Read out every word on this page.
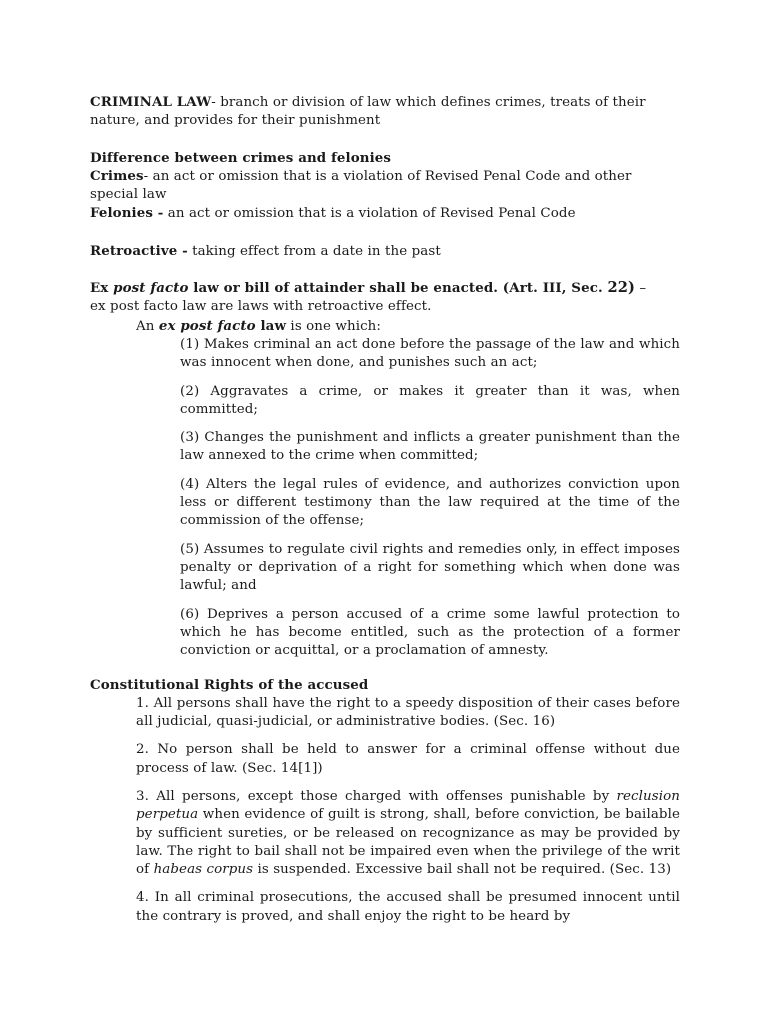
CRIMINAL LAW- branch or division of law which defines crimes, treats of their nature, and provides for their punishment

Difference between crimes and felonies

Crimes- an act or omission that is a violation of Revised Penal Code and other special law

Felonies - an act or omission that is a violation of Revised Penal Code

Retroactive - taking effect from a date in the past

Ex post facto law or bill of attainder shall be enacted. (Art. III, Sec. 22) –

ex post facto law are laws with retroactive effect.

An ex post facto law is one which:

(1) Makes criminal an act done before the passage of the law and which was innocent when done, and punishes such an act;

(2) Aggravates a crime, or makes it greater than it was, when committed;

(3) Changes the punishment and inflicts a greater punishment than the law annexed to the crime when committed;

(4) Alters the legal rules of evidence, and authorizes conviction upon less or different testimony than the law required at the time of the commission of the offense;

(5) Assumes to regulate civil rights and remedies only, in effect imposes penalty or deprivation of a right for something which when done was lawful; and

(6) Deprives a person accused of a crime some lawful protection to which he has become entitled, such as the protection of a former conviction or acquittal, or a proclamation of amnesty.

Constitutional Rights of the accused

1. All persons shall have the right to a speedy disposition of their cases before all judicial, quasi-judicial, or administrative bodies. (Sec. 16)

2. No person shall be held to answer for a criminal offense without due process of law. (Sec. 14[1])

3. All persons, except those charged with offenses punishable by reclusion perpetua when evidence of guilt is strong, shall, before conviction, be bailable by sufficient sureties, or be released on recognizance as may be provided by law. The right to bail shall not be impaired even when the privilege of the writ of habeas corpus is suspended. Excessive bail shall not be required. (Sec. 13)

4. In all criminal prosecutions, the accused shall be presumed innocent until the contrary is proved, and shall enjoy the right to be heard by
